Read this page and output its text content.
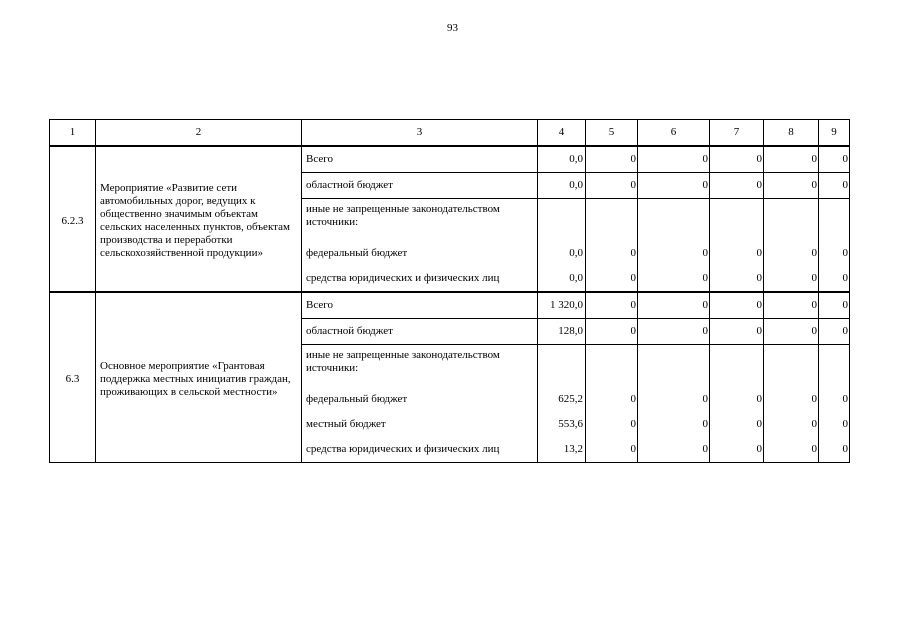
93
1	2	3	4	5	6	7	8	9
6.2.3	Мероприятие «Развитие сети автомобильных дорог, ведущих к общественно значимым объектам сельских населенных пунктов, объектам производства и переработки сельскохозяйственной продукции»	Всего	0,0	0	0	0	0	0
		областной бюджет	0,0	0	0	0	0	0
		иные не запрещенные законодательством источники:						
		федеральный бюджет	0,0	0	0	0	0	0
		средства юридических и физических лиц	0,0	0	0	0	0	0
6.3	Основное мероприятие «Грантовая поддержка местных инициатив граждан, проживающих в сельской местности»	Всего	1 320,0	0	0	0	0	0
		областной бюджет	128,0	0	0	0	0	0
		иные не запрещенные законодательством источники:						
		федеральный бюджет	625,2	0	0	0	0	0
		местный бюджет	553,6	0	0	0	0	0
		средства юридических и физических лиц	13,2	0	0	0	0	0
